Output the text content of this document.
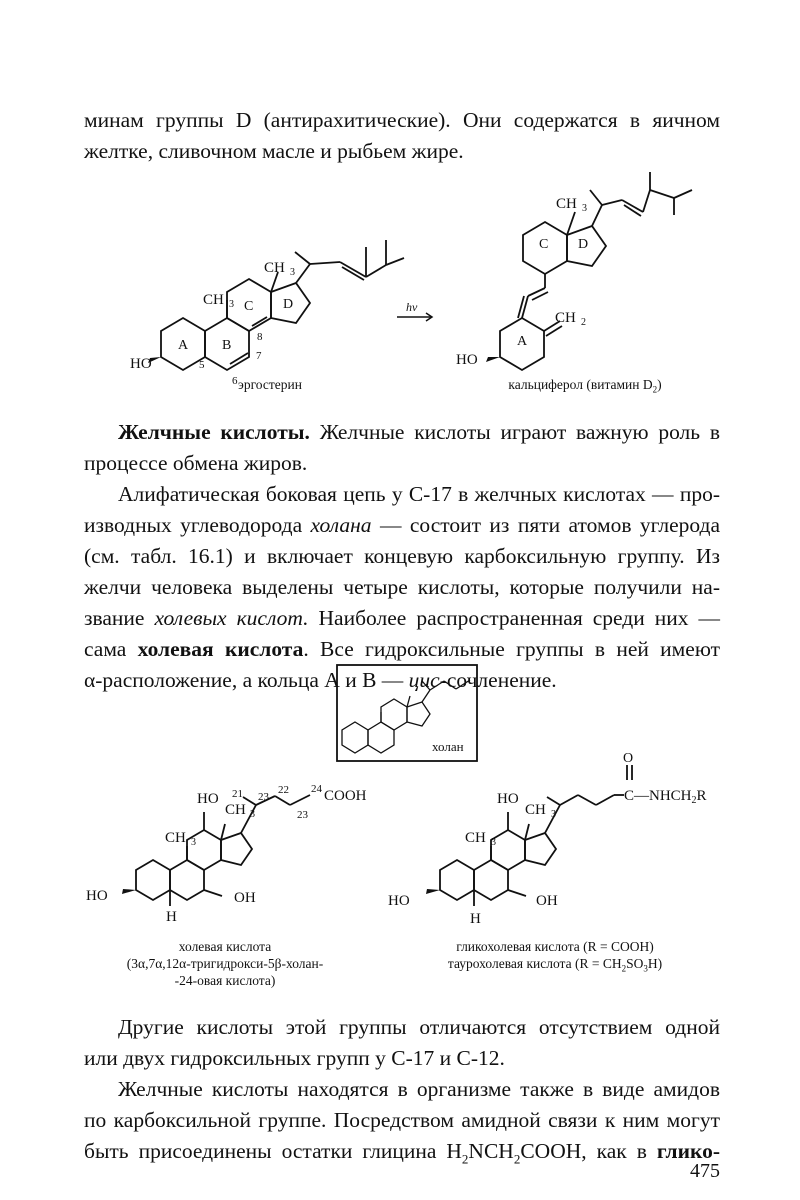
минам группы D (антирахитические). Они содержатся в яичном
желтке, сливочном масле и рыбьем жире.
hv
HO
CH 3
CH 3
A B
C D
5
6
7
8
CH 3
CH 2
HO
A
C D
холан
HO 21 23
22
23
24 COOH
CH 3
CH 3
HO	OH
H
O
$C—NHCH_2R$
HO
CH 3
CH 3
HO	OH
H
эргостерин	кальциферол (витамин $D_2$)
Желчные кислоты. Желчные кислоты играют важную роль в
процессе обмена жиров.
Алифатическая боковая цепь у С-17 в желчных кислотах — про-
изводных углеводорода холана — состоит из пяти атомов углерода
(см. табл. 16.1) и включает концевую карбоксильную группу. Из
желчи человека выделены четыре кислоты, которые получили на-
звание холевых кислот. Наиболее распространенная среди них —
сама холевая кислота. Все гидроксильные группы в ней имеют
α-расположение, а кольца А и В — цис-сочленение.
холевая кислота
(3α,7α,12α-тригидрокси-5β-холан-
-24-овая кислота)
гликохолевая кислота (R = COOH)
таурохолевая кислота $(R = CH_2SO_3H)$
Другие кислоты этой группы отличаются отсутствием одной
или двух гидроксильных групп у С-17 и С-12.
Желчные кислоты находятся в организме также в виде амидов
по карбоксильной группе. Посредством амидной связи к ним могут
быть присоединены остатки глицина $H_2NCH_2COOH$, как в глико-
475
